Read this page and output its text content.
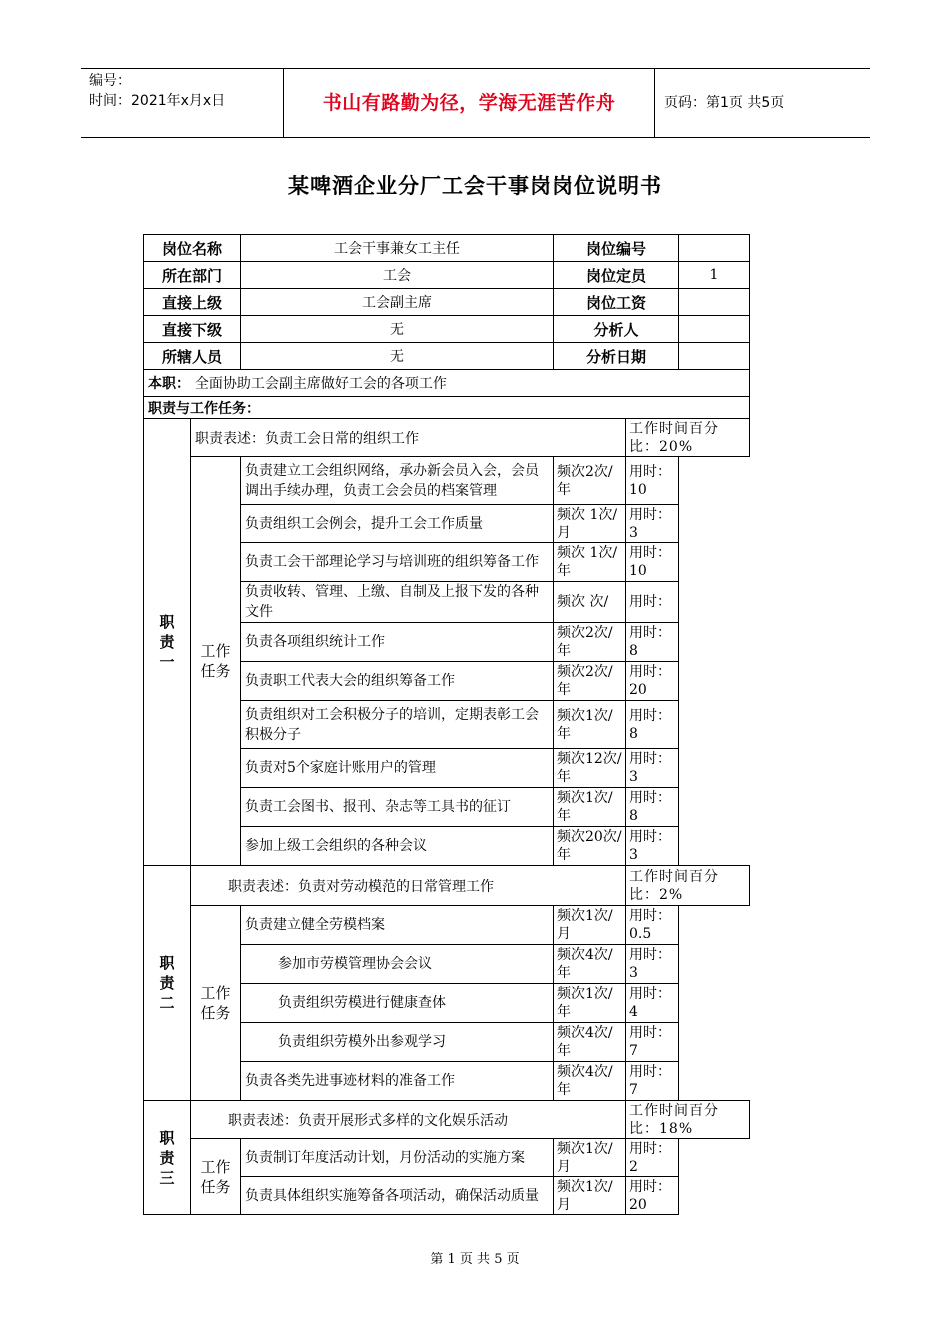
编号：
时间：2021年x月x日	书山有路勤为径，学海无涯苦作舟	页码：第1页 共5页
某啤酒企业分厂工会干事岗岗位说明书
岗位名称		工会干事兼女工主任	岗位编号		
所在部门		工会	岗位定员		1
直接上级		工会副主席	岗位工资		
直接下级		无	分析人		
所辖人员		无	分析日期		
本职： 全面协助工会副主席做好工会的各项工作					
职责与工作任务：					

职责一	职责表述：负责工会日常的组织工作			工作时间百分比：20%	

	工作任务	负责建立工会组织网络，承办新会员入会，会员调出手续办理，负责工会会员的档案管理	频次2次/年	用时：10	
		负责组织工会例会，提升工会工作质量	频次 1次/月	用时：3	
		负责工会干部理论学习与培训班的组织筹备工作	频次 1次/年	用时：10	
		负责收转、管理、上缴、自制及上报下发的各种文件	频次 次/	用时：	
		负责各项组织统计工作	频次2次/年	用时：8	
		负责职工代表大会的组织筹备工作	频次2次/年	用时：20	
		负责组织对工会积极分子的培训，定期表彰工会积极分子	频次1次/年	用时：8	
		负责对5个家庭计账用户的管理	频次12次/年	用时：3	
		负责工会图书、报刊、杂志等工具书的征订	频次1次/年	用时：8	
		参加上级工会组织的各种会议	频次20次/年	用时：3	

职责二	职责表述：负责对劳动模范的日常管理工作			工作时间百分比：2%	

	工作任务	负责建立健全劳模档案	频次1次/月	用时：0.5	
		参加市劳模管理协会会议	频次4次/年	用时：3	
		负责组织劳模进行健康查体	频次1次/年	用时：4	
		负责组织劳模外出参观学习	频次4次/年	用时：7	
		负责各类先进事迹材料的准备工作	频次4次/年	用时：7	

职责三	职责表述：负责开展形式多样的文化娱乐活动			工作时间百分比：18%	

	工作任务	负责制订年度活动计划，月份活动的实施方案	频次1次/月	用时：2	
		负责具体组织实施筹备各项活动，确保活动质量	频次1次/月	用时：20	
第 1 页 共 5 页
